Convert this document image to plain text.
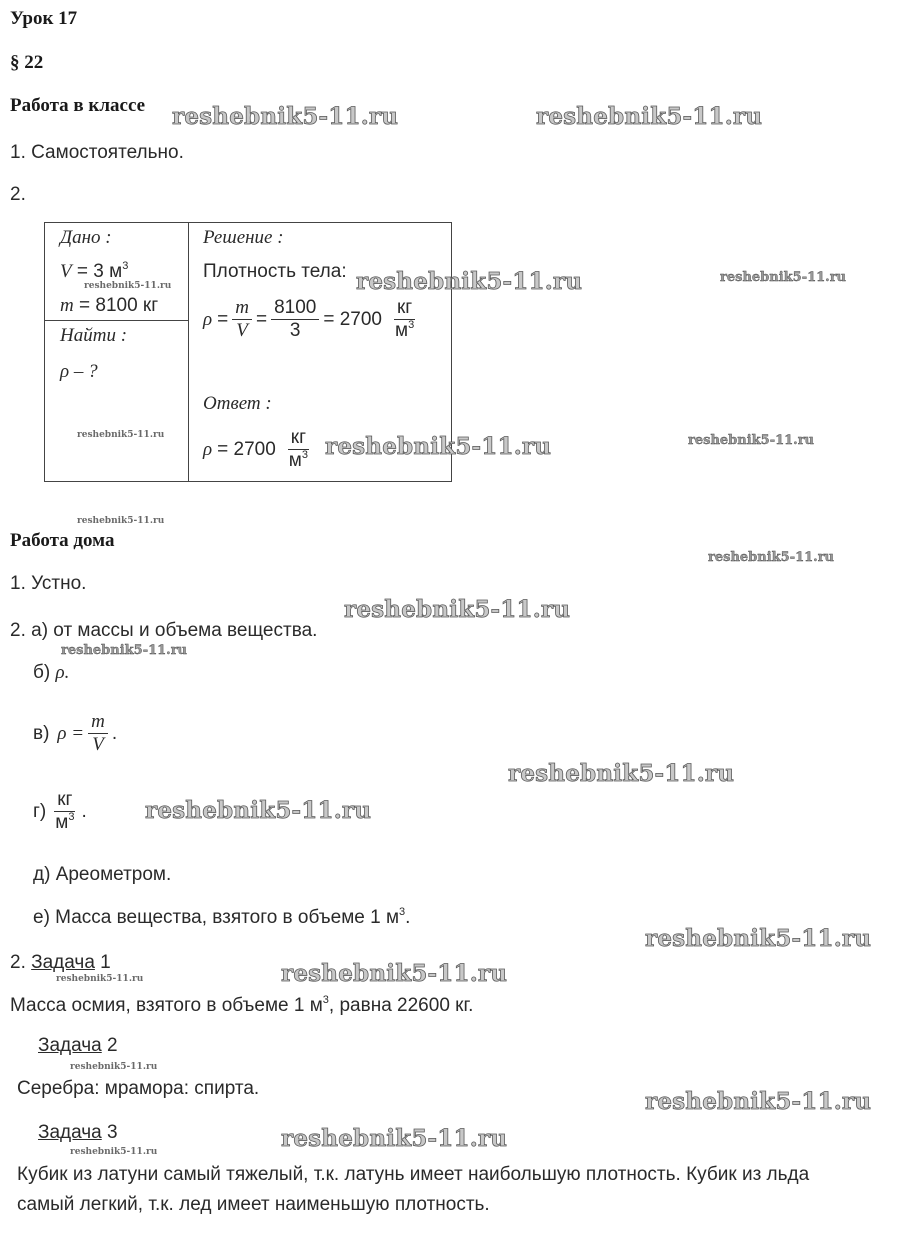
Урок 17
§ 22
Работа в классе
1. Самостоятельно.
2.
Дано :
V = 3 $м^3$
m = 8100 кг
Найти :
ρ – ?
Решение :
Плотность тела:
$\rho = \frac{m}{V} = \frac{8100}{3} = 2700 \frac{кг}{м^3}$
Ответ :
$\rho = 2700 \frac{кг}{м^3}$
Работа дома
1. Устно.
2. а) от массы и объема вещества.
б) ρ.
в) $\rho = \frac{m}{V}$ .
$г) \frac{кг}{м^3}$ .
д) Ареометром.
е) Масса вещества, взятого в объеме 1 $м^3$.
2. Задача 1
Масса осмия, взятого в объеме 1 $м^3$, равна 22600 кг.
Задача 2
Серебра: мрамора: спирта.
Задача 3
Кубик из латуни самый тяжелый, т.к. латунь имеет наибольшую плотность. Кубик из льда
самый легкий, т.к. лед имеет наименьшую плотность.
reshebnik5-11.ru	reshebnik5-11.ru
reshebnik5-11.ru	reshebnik5-11.ru
reshebnik5-11.ru
reshebnik5-11.ru	reshebnik5-11.ru	reshebnik5-11.ru
reshebnik5-11.ru
reshebnik5-11.ru
reshebnik5-11.ru
reshebnik5-11.ru
reshebnik5-11.ru
reshebnik5-11.ru
reshebnik5-11.ru
reshebnik5-11.ru
reshebnik5-11.ru
reshebnik5-11.ru
reshebnik5-11.ru
reshebnik5-11.ru
reshebnik5-11.ru
